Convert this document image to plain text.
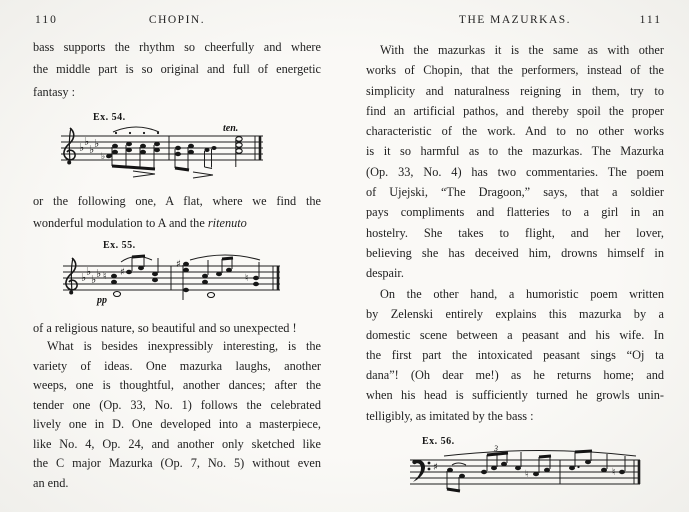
110	CHOPIN.
bass supports the rhythm so cheerfully and where
the middle part is so original and full of energetic
fantasy :
Ex. 54.
♭ ♭
♭ ♭
♭
ten.
or the following one, A flat, where we find the
wonderful modulation to A and the ritenuto
Ex. 55.
♭ ♭
♭ ♭
pp
♮ ♯
♯
♮
of a religious nature, so beautiful and so unexpected !
What is besides inexpressibly interesting, is the
variety of ideas. One mazurka laughs, another
weeps, one is thoughtful, another dances; after the
tender one (Op. 33, No. 1) follows the celebrated
lively one in D. One developed into a masterpiece,
like No. 4, Op. 24, and another only sketched like
the C major Mazurka (Op. 7, No. 5) without even
an end.
THE MAZURKAS.	111
With the mazurkas it is the same as with other
works of Chopin, that the performers, instead of the
simplicity and naturalness reigning in them, try to
find an artificial pathos, and thereby spoil the proper
characteristic of the work. And to no other works
is it so harmful as to the mazurkas. The Mazurka
(Op. 33, No. 4) has two commentaries. The poem
of Ujejski, “The Dragoon,” says, that a soldier
pays compliments and flatteries to a girl in an
hostelry. She takes to flight, and her lover,
believing she has deceived him, drowns himself in
despair.
On the other hand, a humoristic poem written
by Zelenski entirely explains this mazurka by a
domestic scene between a peasant and his wife. In
the first part the intoxicated peasant sings “Oj ta
dana”! (Oh dear me!) as he returns home; and
when his head is sufficiently turned he growls unin-
telligibly, as imitated by the bass :
Ex. 56.
♯
3
♮	♮
